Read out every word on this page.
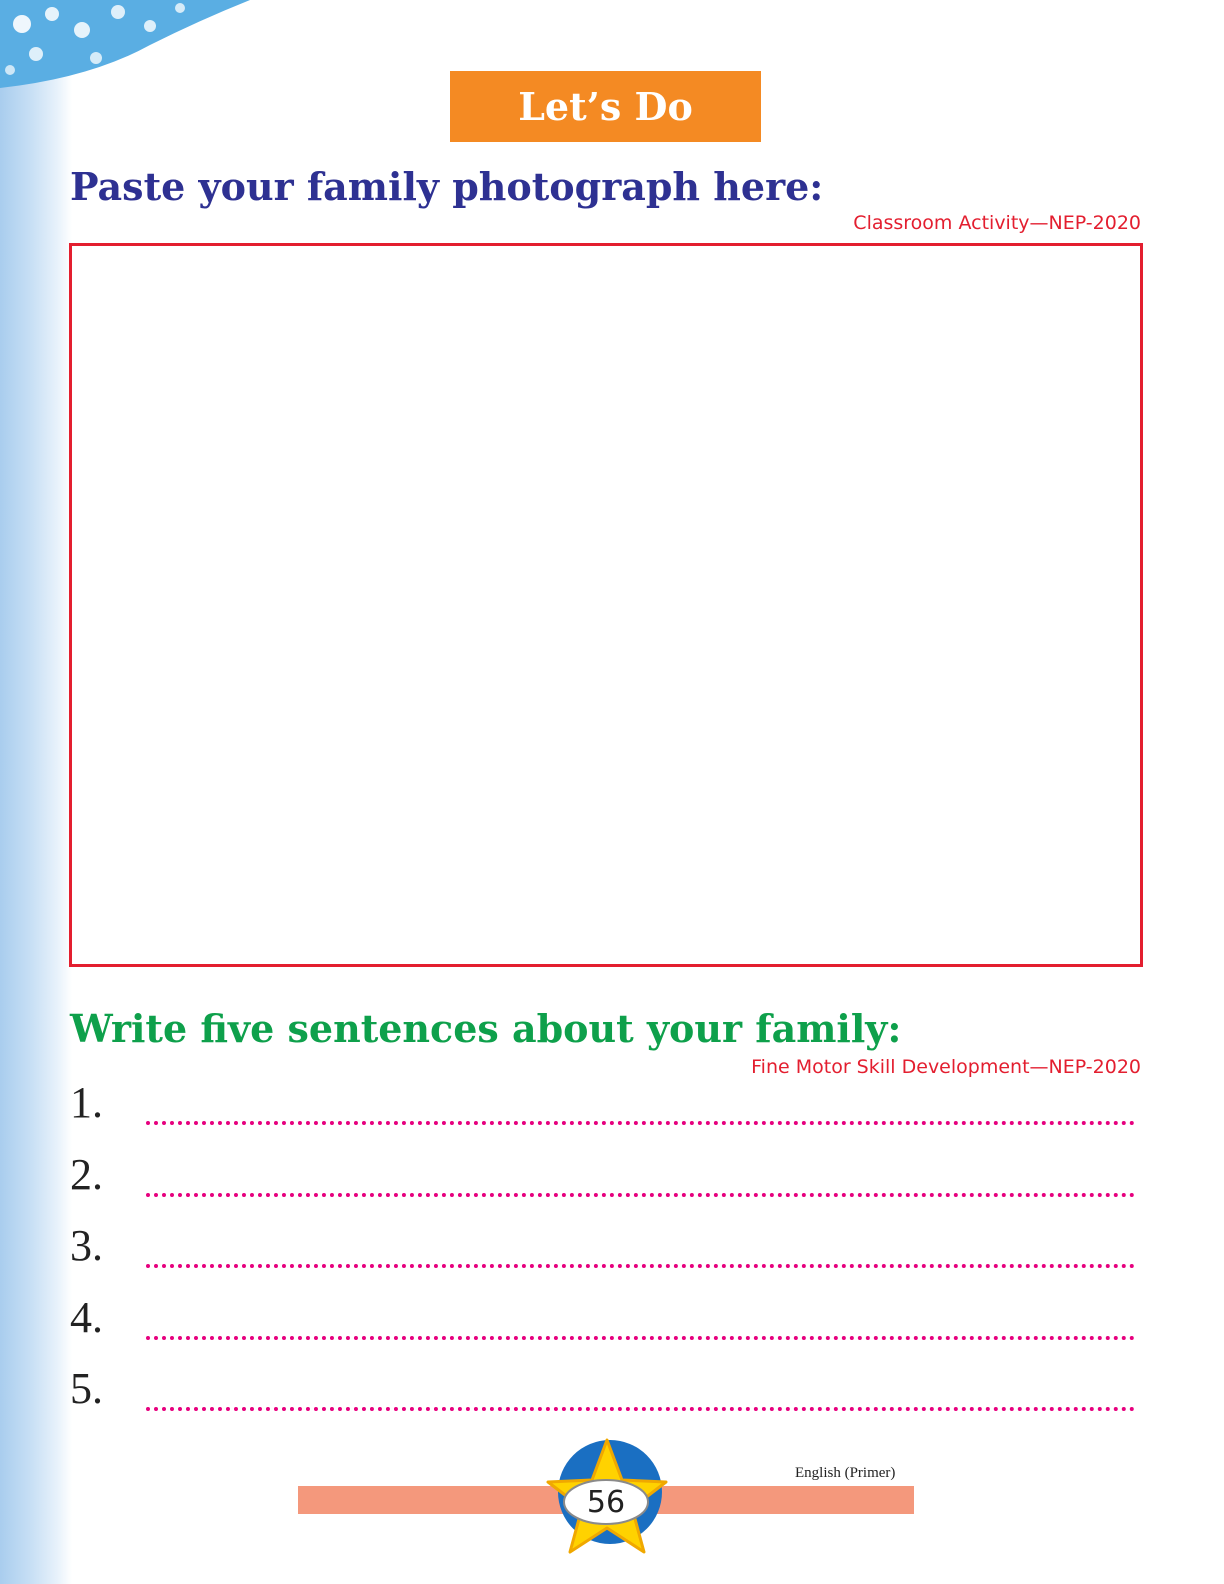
Let’s Do
Paste your family photograph here:
Classroom Activity—NEP-2020
Write five sentences about your family:
Fine Motor Skill Development—NEP-2020
1.
2.
3.
4.
5.
English (Primer)
56
